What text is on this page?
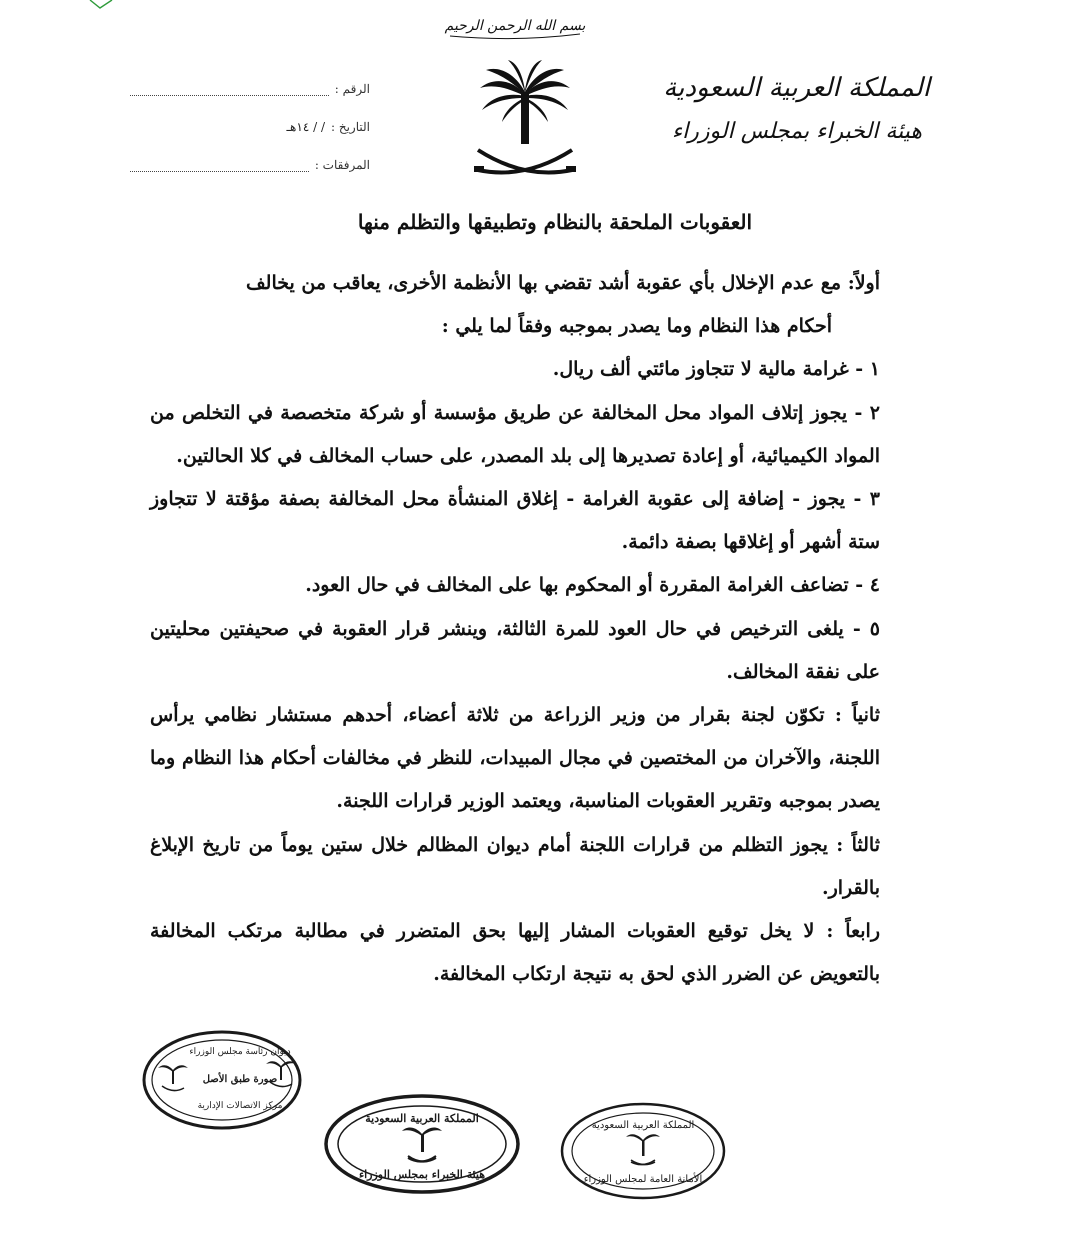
بسم الله الرحمن الرحيم
المملكة العربية السعودية
هيئة الخبراء بمجلس الوزراء
الرقم :
التاريخ :
/ / ١٤هـ
المرفقات :
العقوبات الملحقة بالنظام وتطبيقها والتظلم منها

أولاً: مع عدم الإخلال بأي عقوبة أشد تقضي بها الأنظمة الأخرى، يعاقب من يخالف

أحكام هذا النظام وما يصدر بموجبه وفقاً لما يلي :

١ - غرامة مالية لا تتجاوز مائتي ألف ريال.

٢ - يجوز إتلاف المواد محل المخالفة عن طريق مؤسسة أو شركة متخصصة في التخلص من المواد الكيميائية، أو إعادة تصديرها إلى بلد المصدر، على حساب المخالف في كلا الحالتين.

٣ - يجوز - إضافة إلى عقوبة الغرامة - إغلاق المنشأة محل المخالفة بصفة مؤقتة لا تتجاوز ستة أشهر أو إغلاقها بصفة دائمة.

٤ - تضاعف الغرامة المقررة أو المحكوم بها على المخالف في حال العود.

٥ - يلغى الترخيص في حال العود للمرة الثالثة، وينشر قرار العقوبة في صحيفتين محليتين على نفقة المخالف.

ثانياً : تكوّن لجنة بقرار من وزير الزراعة من ثلاثة أعضاء، أحدهم مستشار نظامي يرأس اللجنة، والآخران من المختصين في مجال المبيدات، للنظر في مخالفات أحكام هذا النظام وما يصدر بموجبه وتقرير العقوبات المناسبة، ويعتمد الوزير قرارات اللجنة.

ثالثاً : يجوز التظلم من قرارات اللجنة أمام ديوان المظالم خلال ستين يوماً من تاريخ الإبلاغ بالقرار.

رابعاً : لا يخل توقيع العقوبات المشار إليها بحق المتضرر في مطالبة مرتكب المخالفة بالتعويض عن الضرر الذي لحق به نتيجة ارتكاب المخالفة.

ديوان رئاسة مجلس الوزراء
صورة طبق الأصل
مركز الاتصالات الإدارية
المملكة العربية السعودية
هيئة الخبراء بمجلس الوزراء
المملكة العربية السعودية
الأمانة العامة لمجلس الوزراء
